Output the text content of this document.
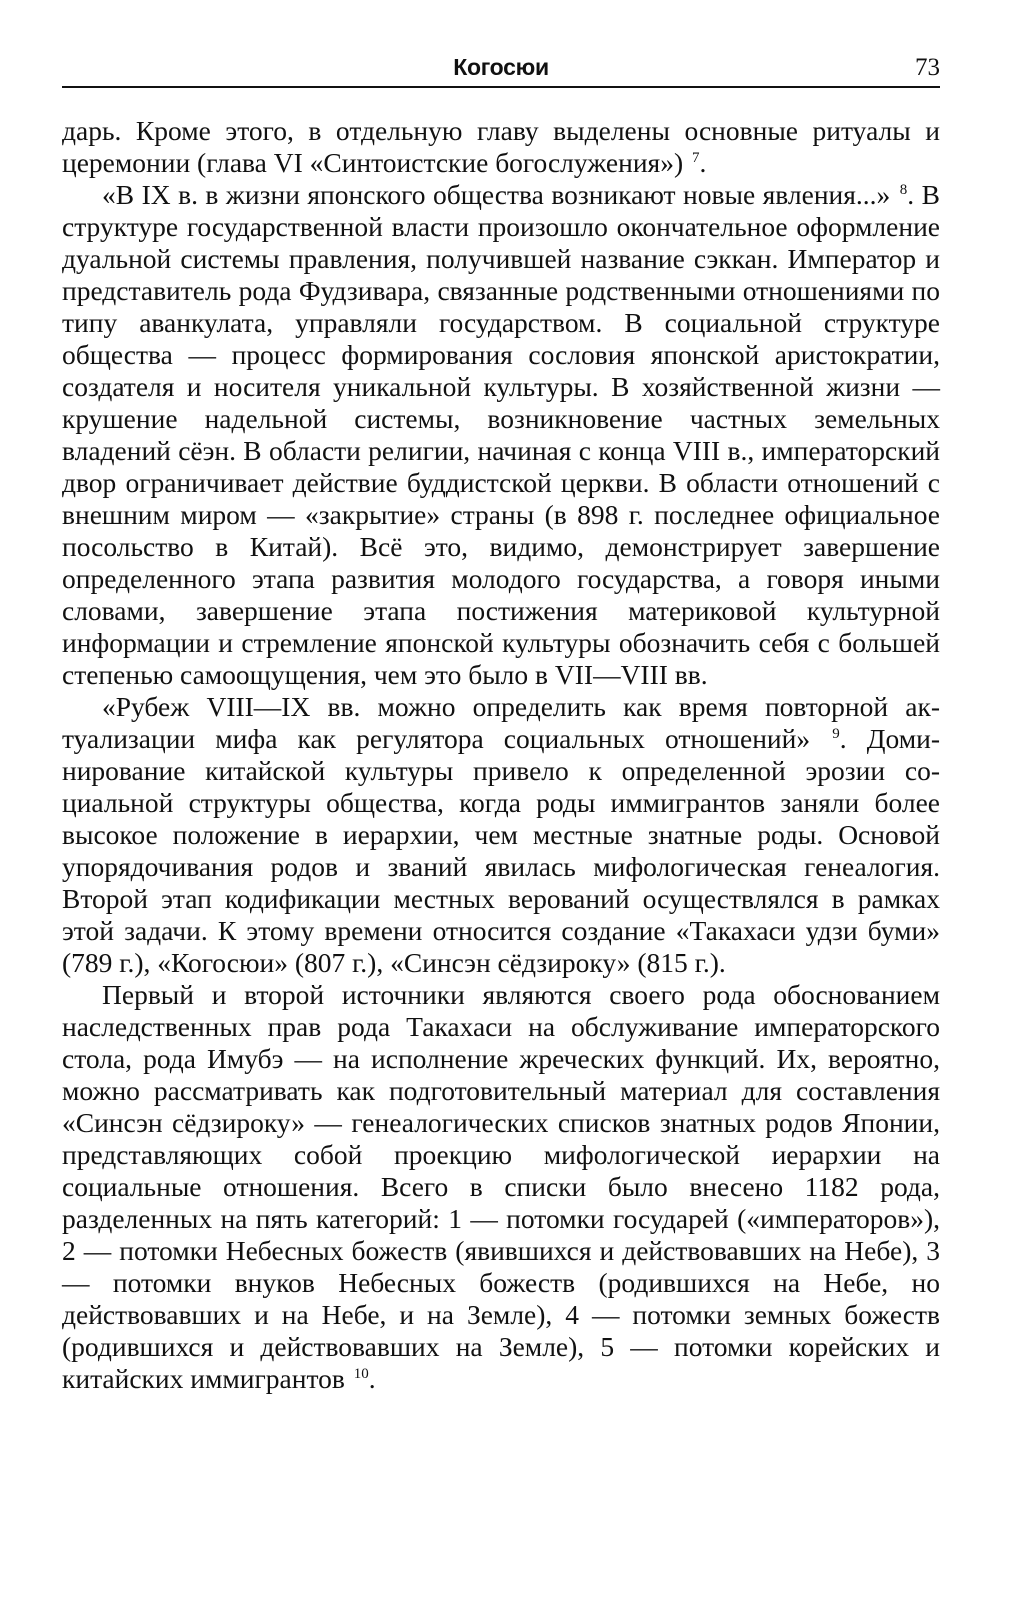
Когосюи	73

дарь. Кроме этого, в отдельную главу выделены основные ритуалы и церемонии (глава VI «Синтоистские богослужения») $^7$.

«В IX в. в жизни японского общества возникают новые явления...» $^8$. В структуре государственной власти произошло окончательное оформление дуальной системы правления, получившей название сэккан. Император и представитель рода Фудзивара, связанные родственными отношениями по типу аванкулата, управляли государством. В социальной структуре общества — процесс формирования сословия японской аристократии, создателя и носителя уникальной культуры. В хозяйственной жизни — крушение надельной системы, возникновение частных земельных владений сёэн. В области религии, начиная с конца VIII в., императорский двор ограничивает действие буддистской церкви. В области отношений с внешним миром — «закрытие» страны (в 898 г. последнее официальное посольство в Китай). Всё это, видимо, демонстрирует завершение определенного этапа развития молодого государства, а говоря иными словами, завершение этапа постижения материковой культурной информации и стремление японской культуры обозначить себя с большей степенью самоощущения, чем это было в VII—VIII вв.

«Рубеж VIII—IX вв. можно определить как время повторной актуализации мифа как регулятора социальных отношений» $^9$. Доминирование китайской культуры привело к определенной эрозии социальной структуры общества, когда роды иммигрантов заняли более высокое положение в иерархии, чем местные знатные роды. Основой упорядочивания родов и званий явилась мифологическая генеалогия. Второй этап кодификации местных верований осуществлялся в рамках этой задачи. К этому времени относится создание «Такахаси удзи буми» (789 г.), «Когосюи» (807 г.), «Синсэн сёдзироку» (815 г.).

Первый и второй источники являются своего рода обоснованием наследственных прав рода Такахаси на обслуживание императорского стола, рода Имубэ — на исполнение жреческих функций. Их, вероятно, можно рассматривать как подготовительный материал для составления «Синсэн сёдзироку» — генеалогических списков знатных родов Японии, представляющих собой проекцию мифологической иерархии на социальные отношения. Всего в списки было внесено 1182 рода, разделенных на пять категорий: 1 — потомки государей («императоров»), 2 — потомки Небесных божеств (явившихся и действовавших на Небе), 3 — потомки внуков Небесных божеств (родившихся на Небе, но действовавших и на Небе, и на Земле), 4 — потомки земных божеств (родившихся и действовавших на Земле), 5 — потомки корейских и китайских иммигрантов $^{10}$.
